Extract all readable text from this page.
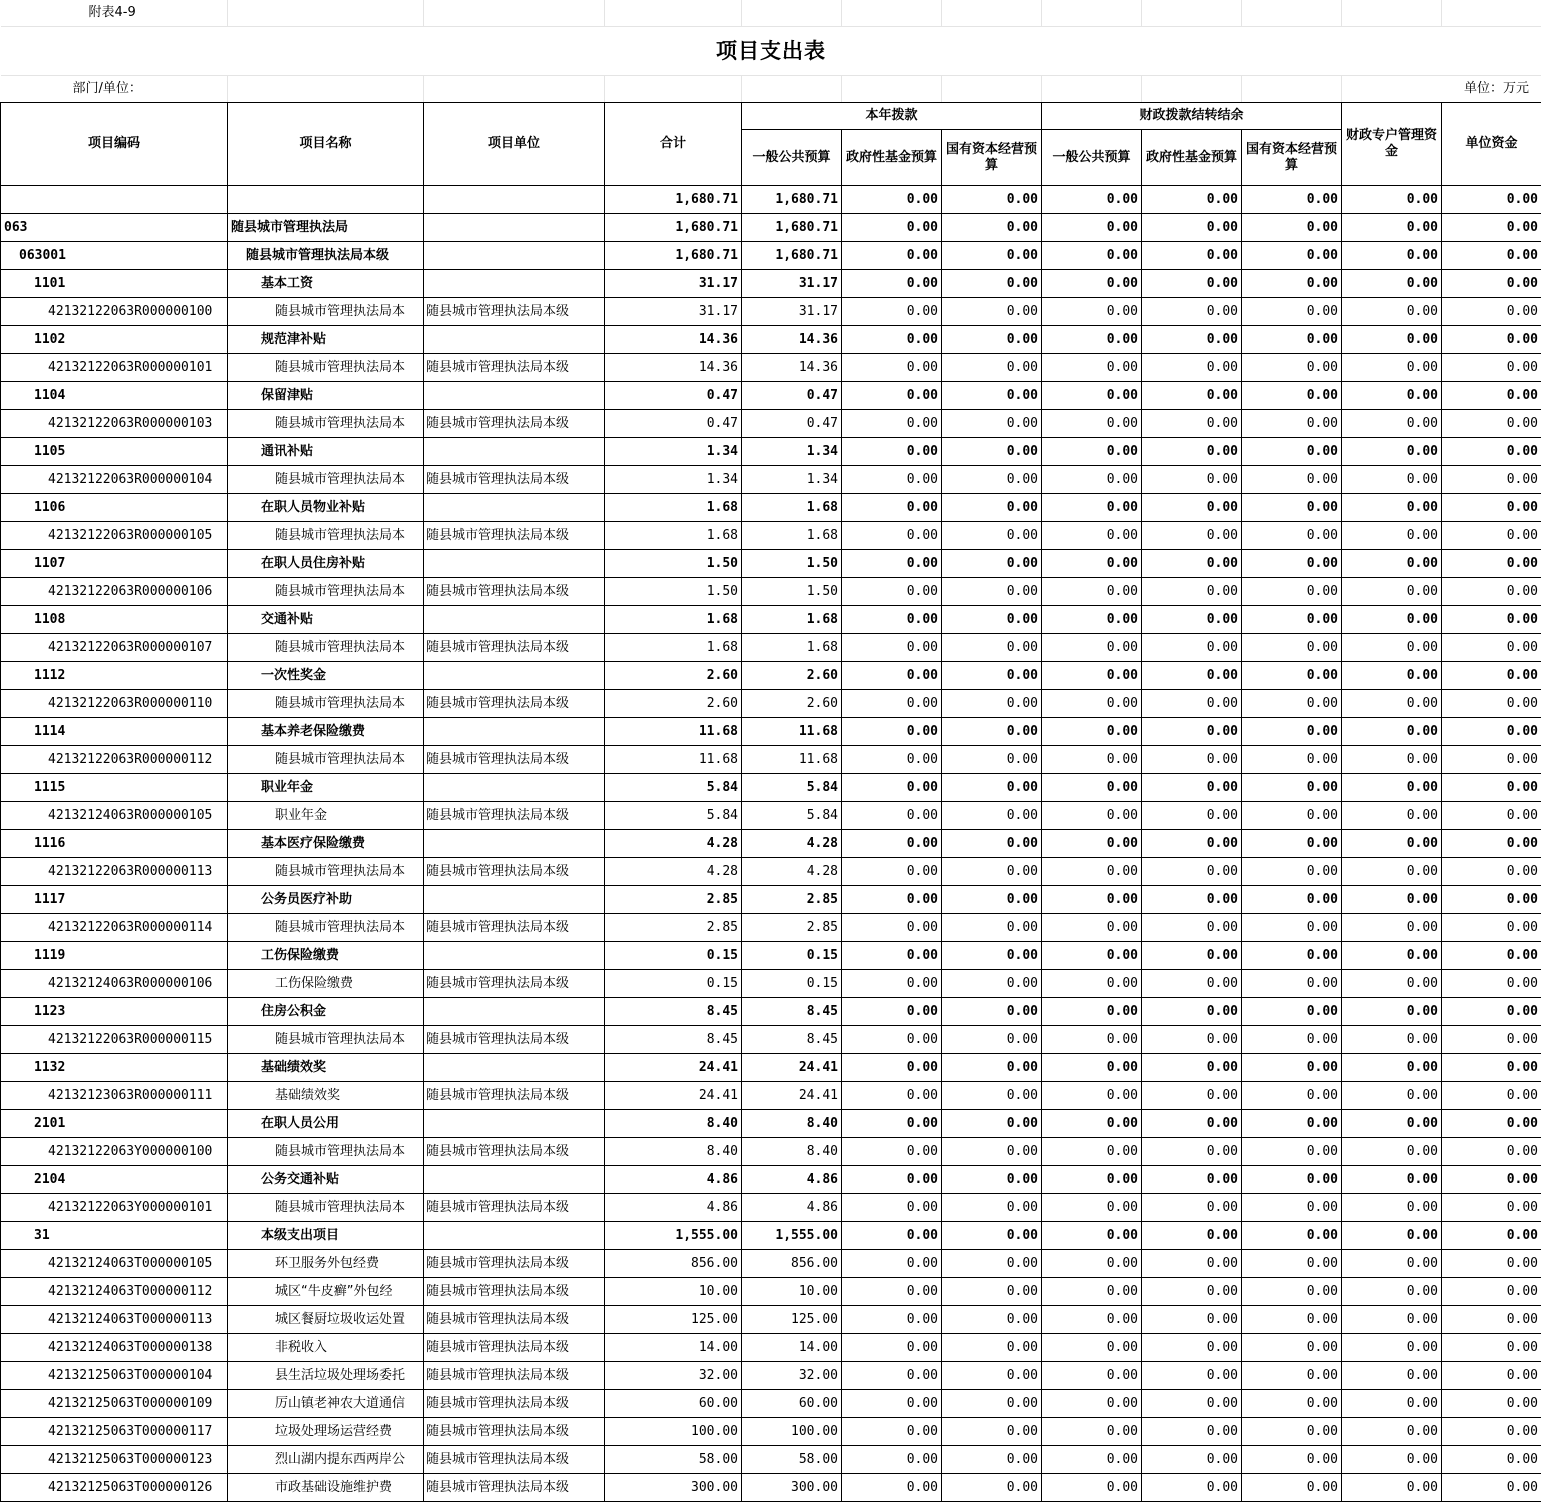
附表4-9											
项目支出表											
部门/单位：										单位：万元	
项目编码	项目名称	项目单位	合计	本年拨款			财政拨款结转结余			财政专户管理资金	单位资金
				一般公共预算	政府性基金预算	国有资本经营预算	一般公共预算	政府性基金预算	国有资本经营预算		
			1,680.71	1,680.71	0.00	0.00	0.00	0.00	0.00	0.00	0.00
063	随县城市管理执法局		1,680.71	1,680.71	0.00	0.00	0.00	0.00	0.00	0.00	0.00
063001	随县城市管理执法局本级		1,680.71	1,680.71	0.00	0.00	0.00	0.00	0.00	0.00	0.00
1101	基本工资		31.17	31.17	0.00	0.00	0.00	0.00	0.00	0.00	0.00
42132122063R000000100	随县城市管理执法局本	随县城市管理执法局本级	31.17	31.17	0.00	0.00	0.00	0.00	0.00	0.00	0.00
1102	规范津补贴		14.36	14.36	0.00	0.00	0.00	0.00	0.00	0.00	0.00
42132122063R000000101	随县城市管理执法局本	随县城市管理执法局本级	14.36	14.36	0.00	0.00	0.00	0.00	0.00	0.00	0.00
1104	保留津贴		0.47	0.47	0.00	0.00	0.00	0.00	0.00	0.00	0.00
42132122063R000000103	随县城市管理执法局本	随县城市管理执法局本级	0.47	0.47	0.00	0.00	0.00	0.00	0.00	0.00	0.00
1105	通讯补贴		1.34	1.34	0.00	0.00	0.00	0.00	0.00	0.00	0.00
42132122063R000000104	随县城市管理执法局本	随县城市管理执法局本级	1.34	1.34	0.00	0.00	0.00	0.00	0.00	0.00	0.00
1106	在职人员物业补贴		1.68	1.68	0.00	0.00	0.00	0.00	0.00	0.00	0.00
42132122063R000000105	随县城市管理执法局本	随县城市管理执法局本级	1.68	1.68	0.00	0.00	0.00	0.00	0.00	0.00	0.00
1107	在职人员住房补贴		1.50	1.50	0.00	0.00	0.00	0.00	0.00	0.00	0.00
42132122063R000000106	随县城市管理执法局本	随县城市管理执法局本级	1.50	1.50	0.00	0.00	0.00	0.00	0.00	0.00	0.00
1108	交通补贴		1.68	1.68	0.00	0.00	0.00	0.00	0.00	0.00	0.00
42132122063R000000107	随县城市管理执法局本	随县城市管理执法局本级	1.68	1.68	0.00	0.00	0.00	0.00	0.00	0.00	0.00
1112	一次性奖金		2.60	2.60	0.00	0.00	0.00	0.00	0.00	0.00	0.00
42132122063R000000110	随县城市管理执法局本	随县城市管理执法局本级	2.60	2.60	0.00	0.00	0.00	0.00	0.00	0.00	0.00
1114	基本养老保险缴费		11.68	11.68	0.00	0.00	0.00	0.00	0.00	0.00	0.00
42132122063R000000112	随县城市管理执法局本	随县城市管理执法局本级	11.68	11.68	0.00	0.00	0.00	0.00	0.00	0.00	0.00
1115	职业年金		5.84	5.84	0.00	0.00	0.00	0.00	0.00	0.00	0.00
42132124063R000000105	职业年金	随县城市管理执法局本级	5.84	5.84	0.00	0.00	0.00	0.00	0.00	0.00	0.00
1116	基本医疗保险缴费		4.28	4.28	0.00	0.00	0.00	0.00	0.00	0.00	0.00
42132122063R000000113	随县城市管理执法局本	随县城市管理执法局本级	4.28	4.28	0.00	0.00	0.00	0.00	0.00	0.00	0.00
1117	公务员医疗补助		2.85	2.85	0.00	0.00	0.00	0.00	0.00	0.00	0.00
42132122063R000000114	随县城市管理执法局本	随县城市管理执法局本级	2.85	2.85	0.00	0.00	0.00	0.00	0.00	0.00	0.00
1119	工伤保险缴费		0.15	0.15	0.00	0.00	0.00	0.00	0.00	0.00	0.00
42132124063R000000106	工伤保险缴费	随县城市管理执法局本级	0.15	0.15	0.00	0.00	0.00	0.00	0.00	0.00	0.00
1123	住房公积金		8.45	8.45	0.00	0.00	0.00	0.00	0.00	0.00	0.00
42132122063R000000115	随县城市管理执法局本	随县城市管理执法局本级	8.45	8.45	0.00	0.00	0.00	0.00	0.00	0.00	0.00
1132	基础绩效奖		24.41	24.41	0.00	0.00	0.00	0.00	0.00	0.00	0.00
42132123063R000000111	基础绩效奖	随县城市管理执法局本级	24.41	24.41	0.00	0.00	0.00	0.00	0.00	0.00	0.00
2101	在职人员公用		8.40	8.40	0.00	0.00	0.00	0.00	0.00	0.00	0.00
42132122063Y000000100	随县城市管理执法局本	随县城市管理执法局本级	8.40	8.40	0.00	0.00	0.00	0.00	0.00	0.00	0.00
2104	公务交通补贴		4.86	4.86	0.00	0.00	0.00	0.00	0.00	0.00	0.00
42132122063Y000000101	随县城市管理执法局本	随县城市管理执法局本级	4.86	4.86	0.00	0.00	0.00	0.00	0.00	0.00	0.00
31	本级支出项目		1,555.00	1,555.00	0.00	0.00	0.00	0.00	0.00	0.00	0.00
42132124063T000000105	环卫服务外包经费	随县城市管理执法局本级	856.00	856.00	0.00	0.00	0.00	0.00	0.00	0.00	0.00
42132124063T000000112	城区“牛皮癣”外包经	随县城市管理执法局本级	10.00	10.00	0.00	0.00	0.00	0.00	0.00	0.00	0.00
42132124063T000000113	城区餐厨垃圾收运处置	随县城市管理执法局本级	125.00	125.00	0.00	0.00	0.00	0.00	0.00	0.00	0.00
42132124063T000000138	非税收入	随县城市管理执法局本级	14.00	14.00	0.00	0.00	0.00	0.00	0.00	0.00	0.00
42132125063T000000104	县生活垃圾处理场委托	随县城市管理执法局本级	32.00	32.00	0.00	0.00	0.00	0.00	0.00	0.00	0.00
42132125063T000000109	厉山镇老神农大道通信	随县城市管理执法局本级	60.00	60.00	0.00	0.00	0.00	0.00	0.00	0.00	0.00
42132125063T000000117	垃圾处理场运营经费	随县城市管理执法局本级	100.00	100.00	0.00	0.00	0.00	0.00	0.00	0.00	0.00
42132125063T000000123	烈山湖内提东西两岸公	随县城市管理执法局本级	58.00	58.00	0.00	0.00	0.00	0.00	0.00	0.00	0.00
42132125063T000000126	市政基础设施维护费	随县城市管理执法局本级	300.00	300.00	0.00	0.00	0.00	0.00	0.00	0.00	0.00
